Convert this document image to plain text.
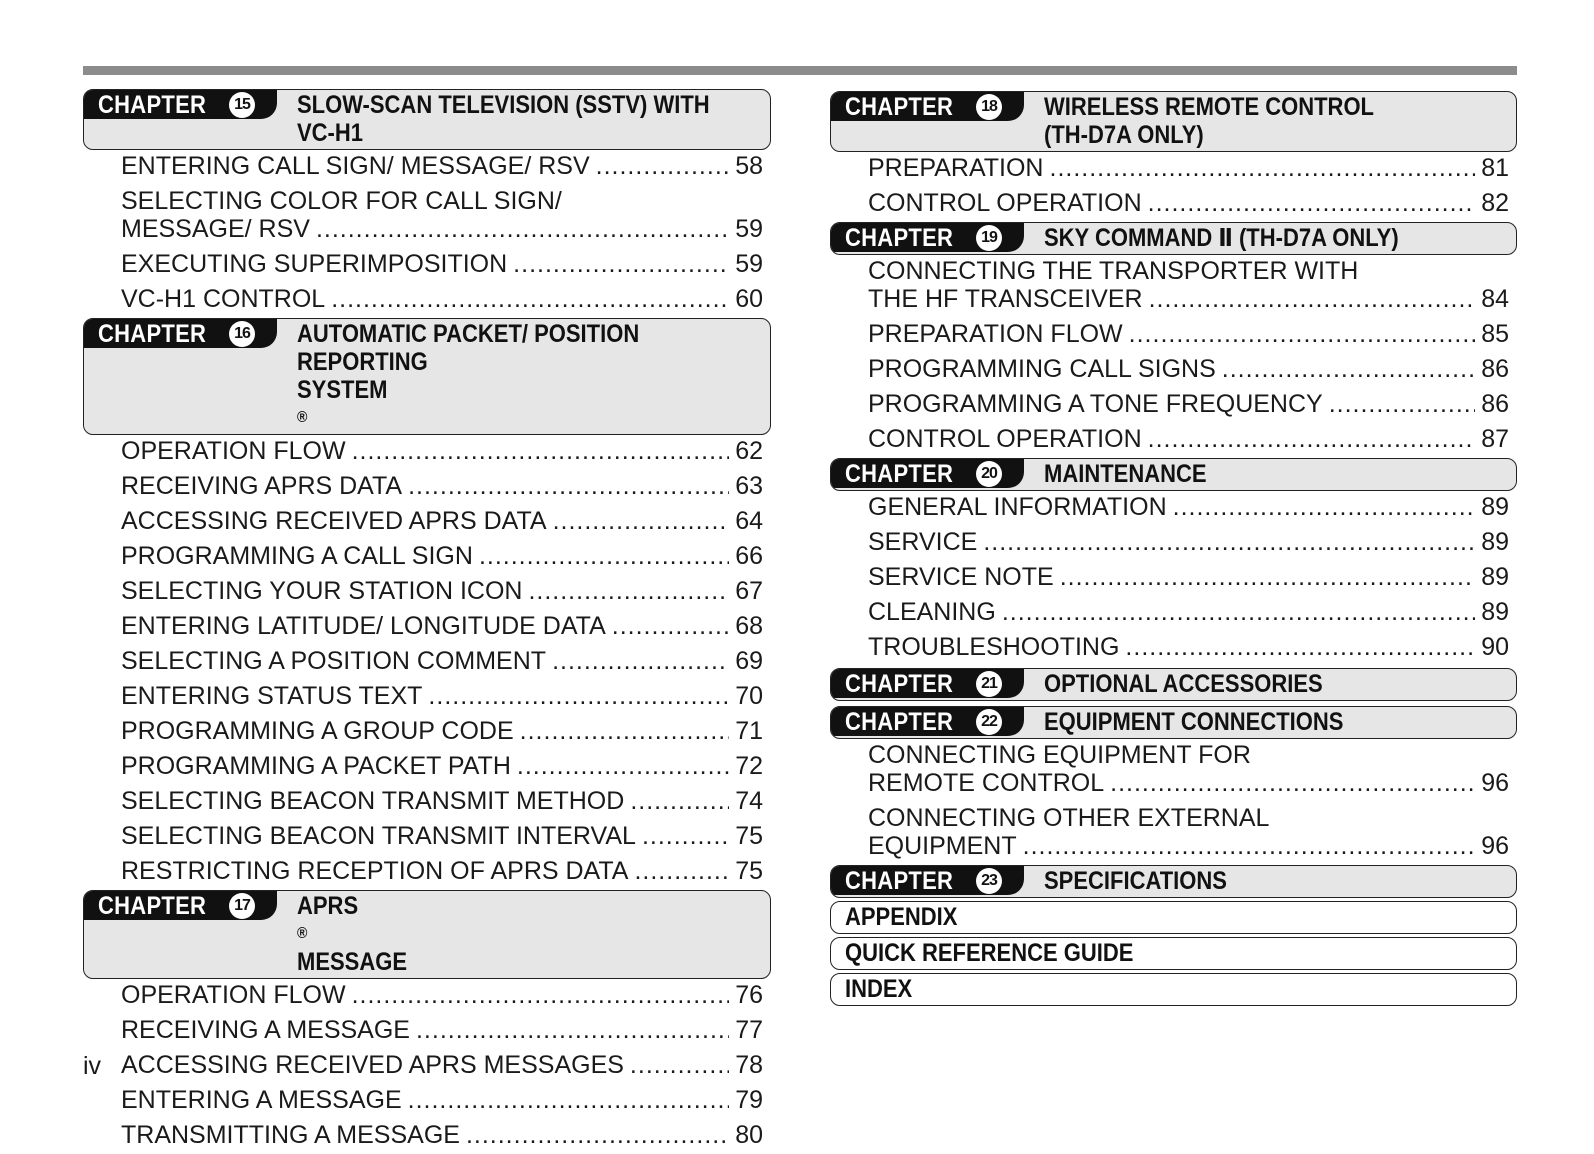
CHAPTER	15 SLOW-SCAN TELEVISION (SSTV) WITH
VC-H1
ENTERING CALL SIGN/ MESSAGE/ RSV .....	58
SELECTING COLOR FOR CALL SIGN/
MESSAGE/ RSV .....	59
EXECUTING SUPERIMPOSITION .....	59
VC-H1 CONTROL .....	60
CHAPTER	16 AUTOMATIC PACKET/ POSITION REPORTING
SYSTEM
®
OPERATION FLOW .....	62
RECEIVING APRS DATA .....	63
ACCESSING RECEIVED APRS DATA .....	64
PROGRAMMING A CALL SIGN .....	66
SELECTING YOUR STATION ICON .....	67
ENTERING LATITUDE/ LONGITUDE DATA .....	68
SELECTING A POSITION COMMENT .....	69
ENTERING STATUS TEXT .....	70
PROGRAMMING A GROUP CODE .....	71
PROGRAMMING A PACKET PATH .....	72
SELECTING BEACON TRANSMIT METHOD .....	74
SELECTING BEACON TRANSMIT INTERVAL .....	75
RESTRICTING RECEPTION OF APRS DATA .....	75
CHAPTER	17 APRS
®
MESSAGE
OPERATION FLOW .....	76
RECEIVING A MESSAGE .....	77
ACCESSING RECEIVED APRS MESSAGES .....	78
ENTERING A MESSAGE .....	79
TRANSMITTING A MESSAGE .....	80
CHAPTER	18 WIRELESS REMOTE CONTROL
(TH-D7A ONLY)
PREPARATION .....	81
CONTROL OPERATION .....	82
CHAPTER	19 SKY COMMAND Ⅱ (TH-D7A ONLY)
CONNECTING THE TRANSPORTER WITH
THE HF TRANSCEIVER .....	84
PREPARATION FLOW .....	85
PROGRAMMING CALL SIGNS .....	86
PROGRAMMING A TONE FREQUENCY .....	86
CONTROL OPERATION .....	87
CHAPTER	20 MAINTENANCE
GENERAL INFORMATION .....	89
SERVICE .....	89
SERVICE NOTE .....	89
CLEANING .....	89
TROUBLESHOOTING .....	90
CHAPTER	21 OPTIONAL ACCESSORIES
CHAPTER	22 EQUIPMENT CONNECTIONS
CONNECTING EQUIPMENT FOR
REMOTE CONTROL .....	96
CONNECTING OTHER EXTERNAL
EQUIPMENT .....	96
CHAPTER	23 SPECIFICATIONS
APPENDIX
QUICK REFERENCE GUIDE
INDEX
iv
